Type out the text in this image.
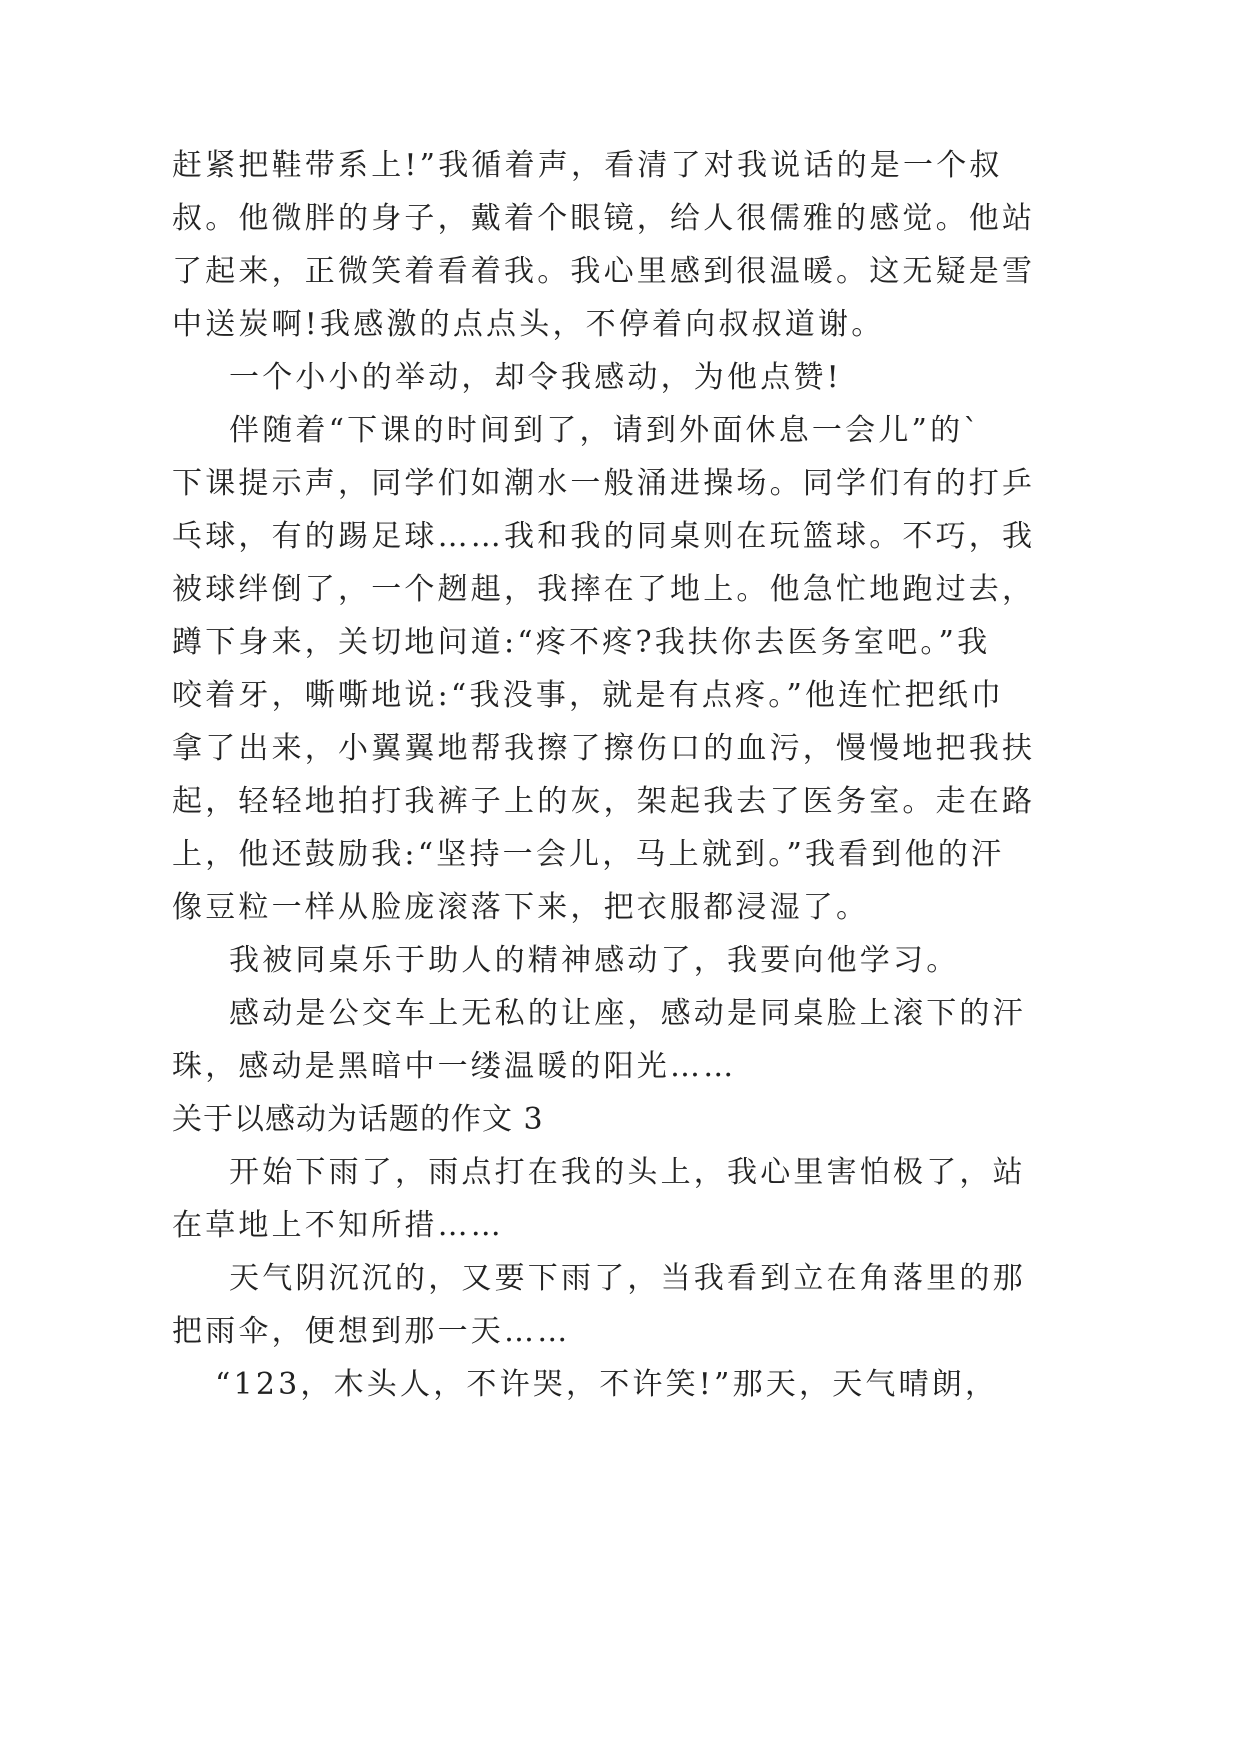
赶紧把鞋带系上!”我循着声，看清了对我说话的是一个叔
叔。他微胖的身子，戴着个眼镜，给人很儒雅的感觉。他站
了起来，正微笑着看着我。我心里感到很温暖。这无疑是雪
中送炭啊!我感激的点点头，不停着向叔叔道谢。
一个小小的举动，却令我感动，为他点赞!
伴随着“下课的时间到了，请到外面休息一会儿”的`
下课提示声，同学们如潮水一般涌进操场。同学们有的打乒
乓球，有的踢足球……我和我的同桌则在玩篮球。不巧，我
被球绊倒了，一个趔趄，我摔在了地上。他急忙地跑过去，
蹲下身来，关切地问道:“疼不疼?我扶你去医务室吧。”我
咬着牙，嘶嘶地说:“我没事，就是有点疼。”他连忙把纸巾
拿了出来，小翼翼地帮我擦了擦伤口的血污，慢慢地把我扶
起，轻轻地拍打我裤子上的灰，架起我去了医务室。走在路
上，他还鼓励我:“坚持一会儿，马上就到。”我看到他的汗
像豆粒一样从脸庞滚落下来，把衣服都浸湿了。
我被同桌乐于助人的精神感动了，我要向他学习。
感动是公交车上无私的让座，感动是同桌脸上滚下的汗
珠，感动是黑暗中一缕温暖的阳光……
关于以感动为话题的作文 3
开始下雨了，雨点打在我的头上，我心里害怕极了，站
在草地上不知所措……
天气阴沉沉的，又要下雨了，当我看到立在角落里的那
把雨伞，便想到那一天……
“123，木头人，不许哭，不许笑!”那天，天气晴朗，
